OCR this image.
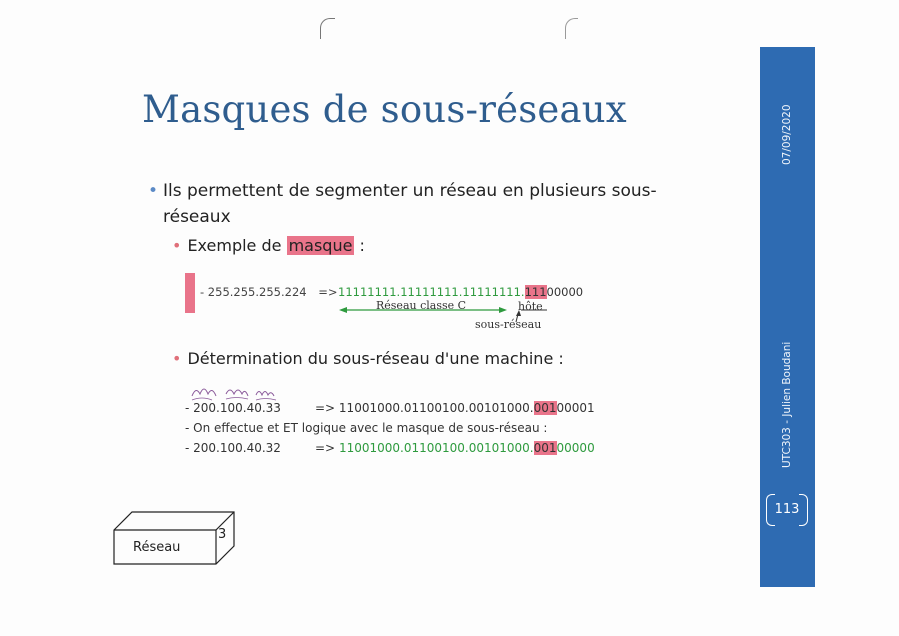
07/09/2020
UTC303 - Julien Boudani
113
Masques de sous-réseaux
• Ils permettent de segmenter un réseau en plusieurs sous-réseaux
• Exemple de masque :
- 255.255.255.224 => 11111111.11111111.11111111.11100000
Réseau classe C	hôte
sous-réseau
• Détermination du sous-réseau d'une machine :
- 200.100.40.33	=> 11001000.01100100.00101000.00100001
- On effectue et ET logique avec le masque de sous-réseau :
- 200.100.40.32	=> 11001000.01100100.00101000.00100000
Réseau
3
